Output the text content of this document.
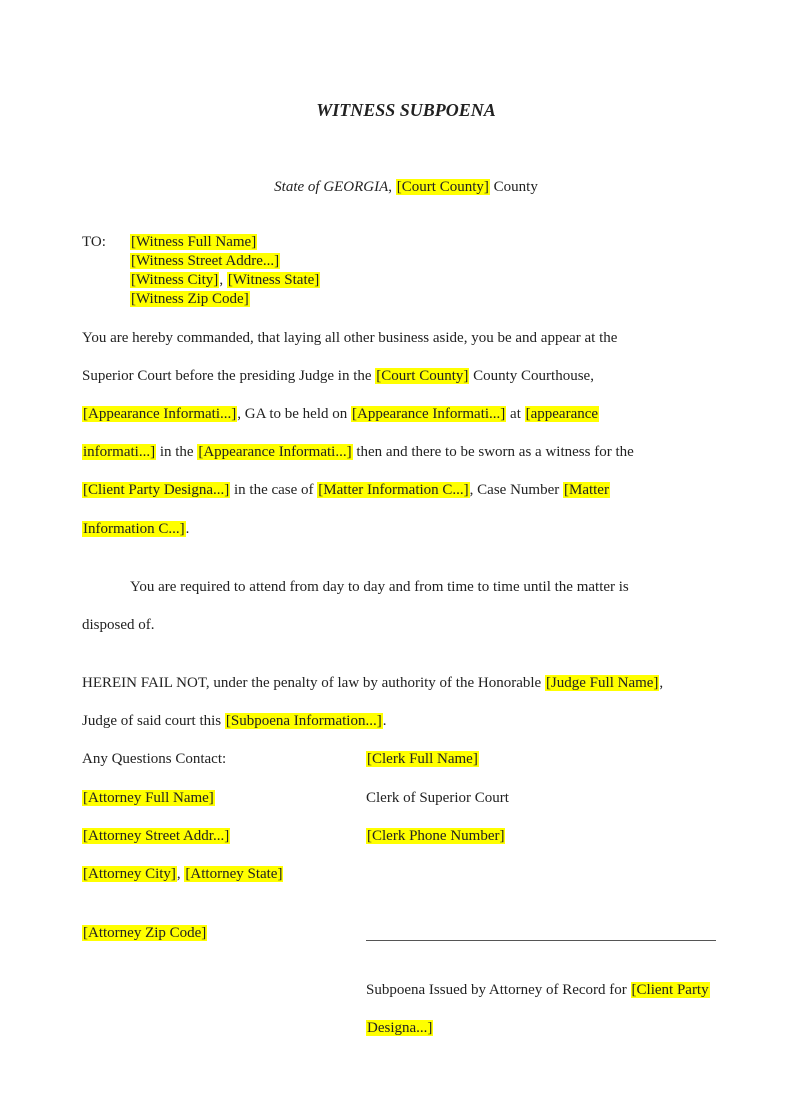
WITNESS SUBPOENA
State of GEORGIA, [Court County] County
TO: [Witness Full Name]
[Witness Street Addre...]
[Witness City], [Witness State]
[Witness Zip Code]
You are hereby commanded, that laying all other business aside, you be and appear at the
Superior Court before the presiding Judge in the [Court County] County Courthouse,
[Appearance Informati...], GA to be held on [Appearance Informati...] at [appearance
informati...] in the [Appearance Informati...] then and there to be sworn as a witness for the
[Client Party Designa...] in the case of [Matter Information C...], Case Number [Matter
Information C...].
You are required to attend from day to day and from time to time until the matter is
disposed of.
HEREIN FAIL NOT, under the penalty of law by authority of the Honorable [Judge Full Name],
Judge of said court this [Subpoena Information...].
Any Questions Contact:
[Attorney Full Name]
[Attorney Street Addr...]
[Attorney City], [Attorney State]
[Attorney Zip Code]
[Clerk Full Name]
Clerk of Superior Court
[Clerk Phone Number]
Subpoena Issued by Attorney of Record for [Client Party
Designa...]
